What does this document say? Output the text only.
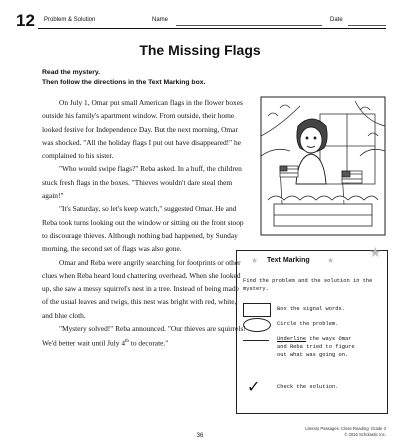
12 Problem & Solution	Name	Date
The Missing Flags
Read the mystery.
Then follow the directions in the Text Marking box.

On July 1, Omar put small American flags in the flower boxes outside his family's apartment window. From outside, their home looked festive for Independence Day. But the next morning, Omar was shocked. "All the holiday flags I put out have disappeared!" he complained to his sister.

"Who would swipe flags?" Reba asked. In a huff, the children stuck fresh flags in the boxes. "Thieves wouldn't dare steal them again!"

"It's Saturday, so let's keep watch," suggested Omar. He and Reba took turns looking out the window or sitting on the front stoop to discourage thieves. Although nothing bad happened, by Sunday morning, the second set of flags was also gone.

Omar and Reba were angrily searching for footprints or other clues when Reba heard loud chattering overhead. When she looked up, she saw a messy squirrel's nest in a tree. Instead of being made of the usual leaves and twigs, this nest was bright with red, white, and blue cloth.

"Mystery solved!" Reba announced. "Our thieves are squirrels! We'd better wait until July 4th to decorate."

★ Text Marking ★ ★
Find the problem and the solution in the mystery.
Box the signal words.
Circle the problem.
Underline the ways Omar and Reba tried to figure out what was going on.
✓	Check the solution.
36
Literary Passages: Close Reading: Grade 3
© 2016 Scholastic Inc.
